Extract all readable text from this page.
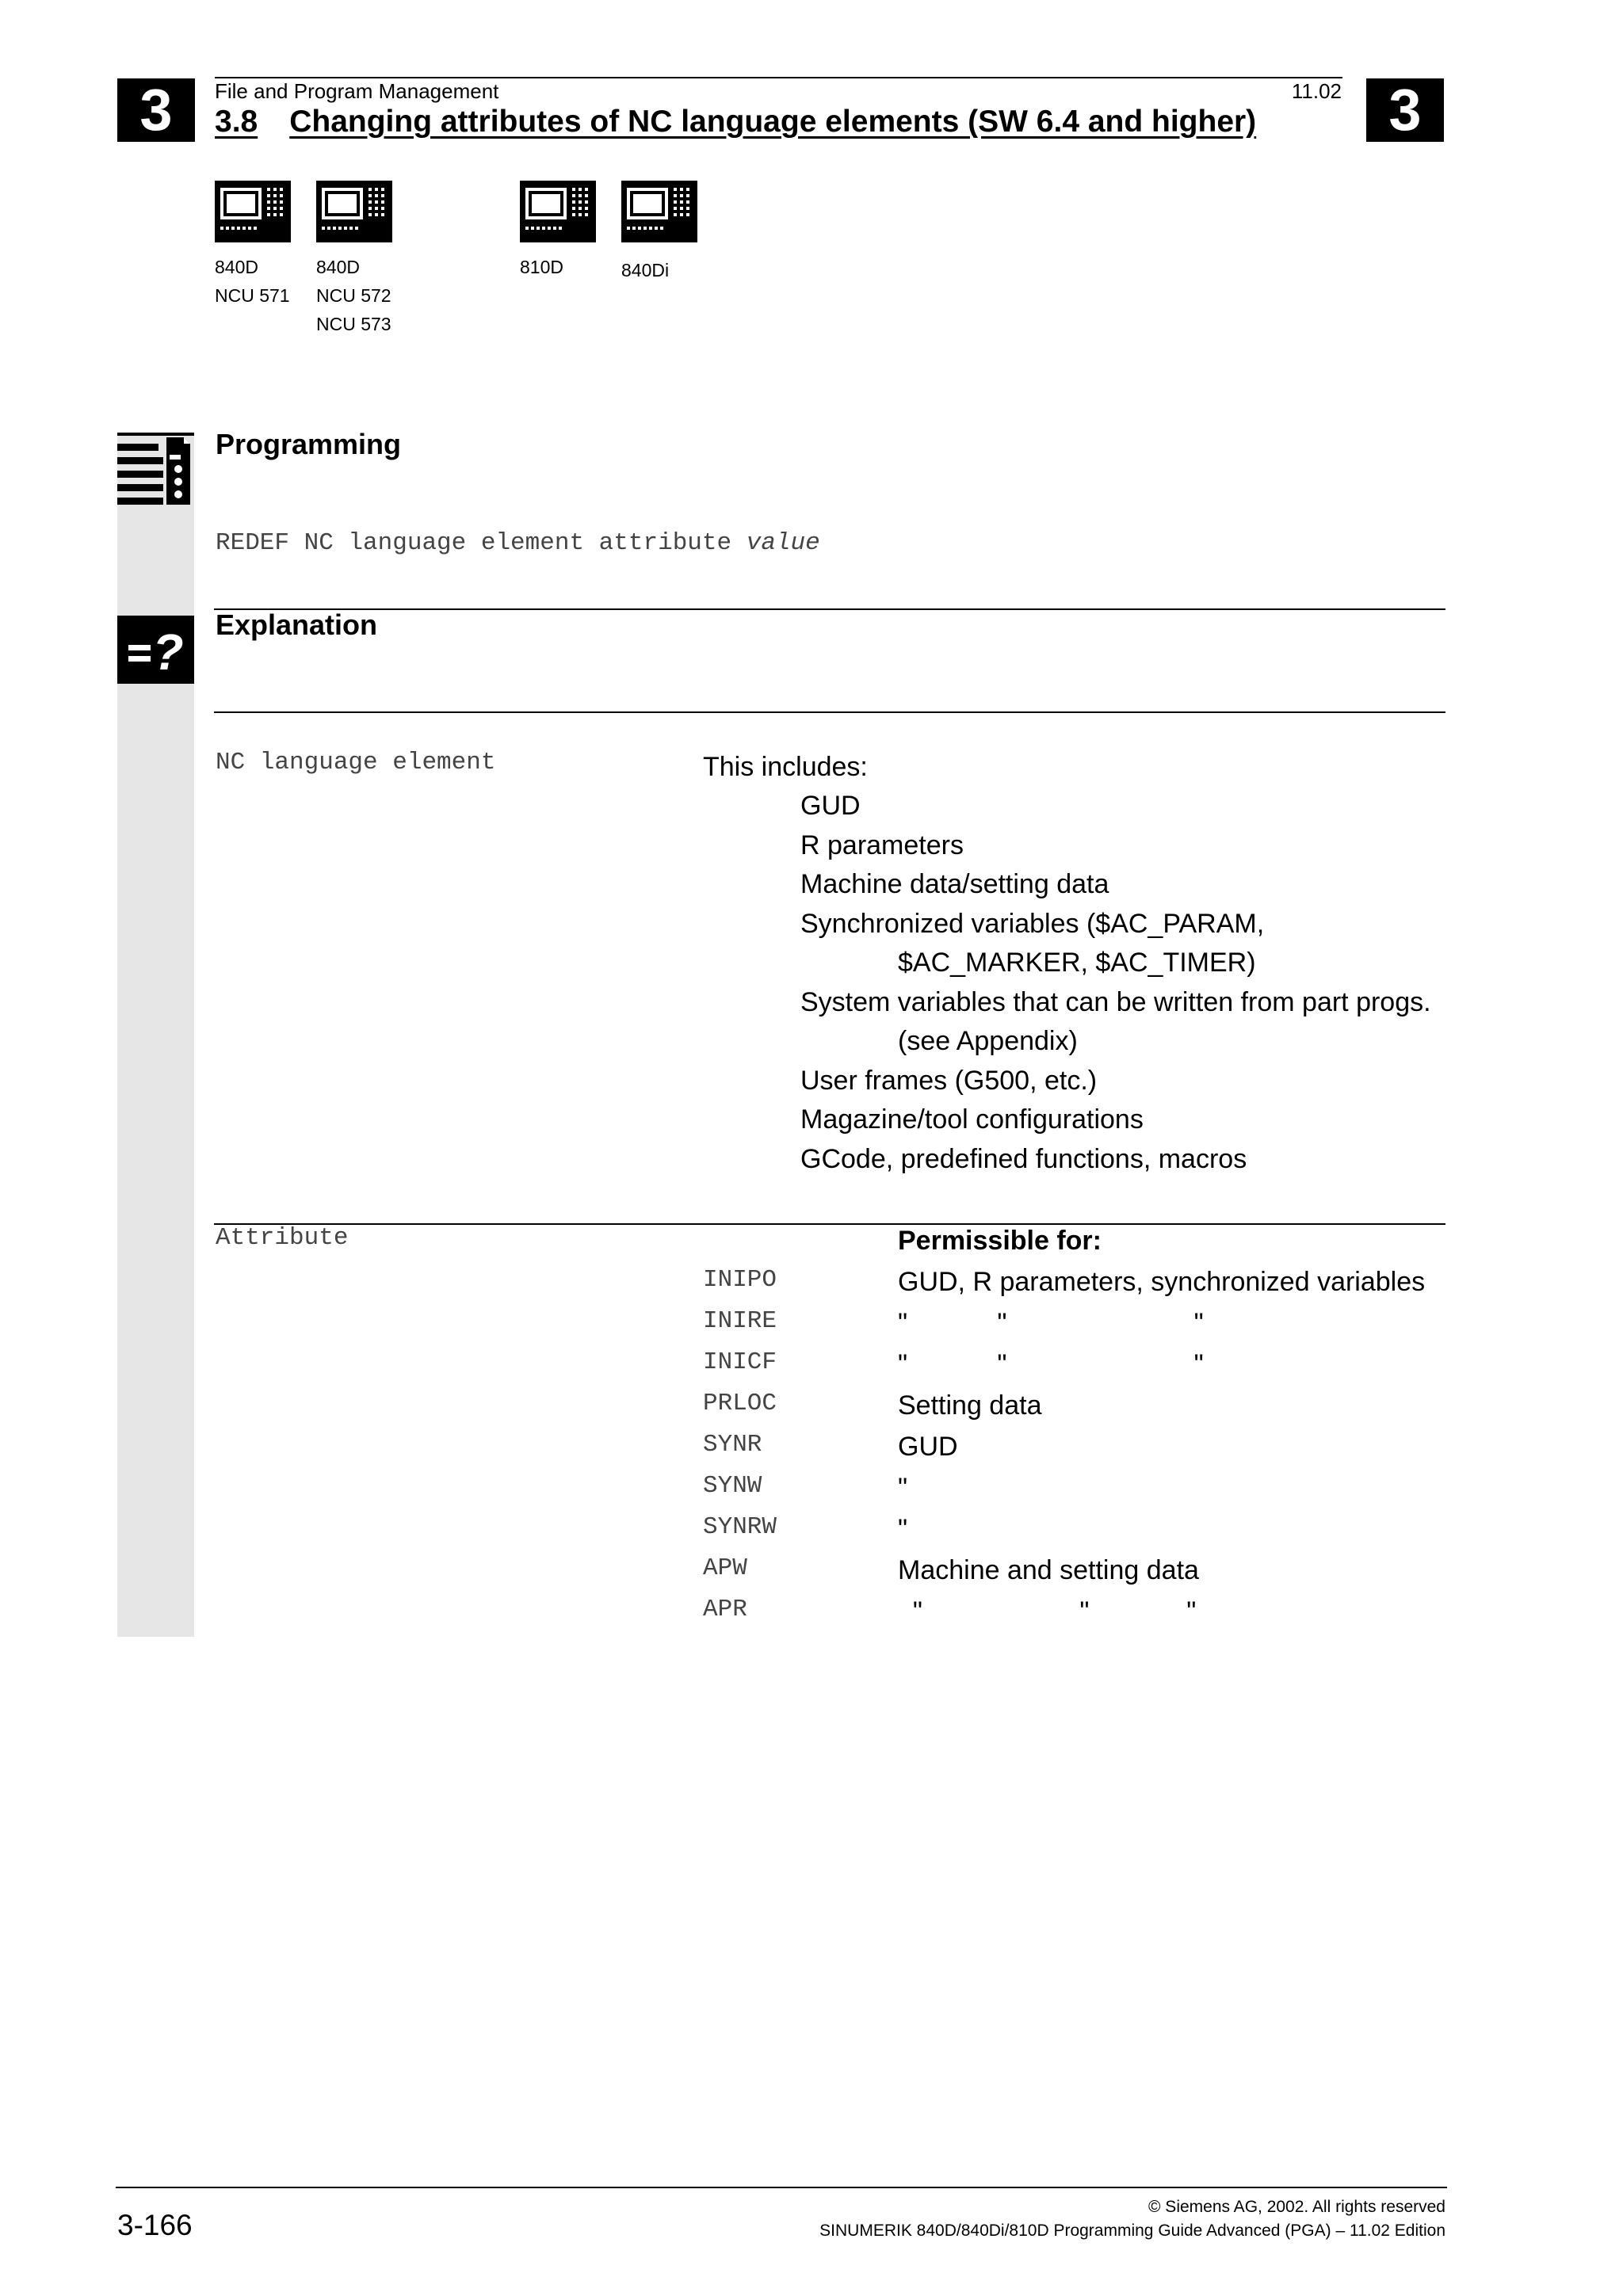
3	3
File and Program Management	11.02
3.8 Changing attributes of NC language elements (SW 6.4 and higher)
840D
NCU 571
840D
NCU 572
NCU 573
810D	840Di
Programming
REDEF NC language element attribute value
? Explanation
NC language element	This includes:
GUD
R parameters
Machine data/setting data
Synchronized variables ($AC_PARAM,
$AC_MARKER, $AC_TIMER)
System variables that can be written from part progs.
(see Appendix)
User frames (G500, etc.)
Magazine/tool configurations
GCode, predefined functions, macros
Attribute	Permissible for:
INIPO	GUD, R parameters, synchronized variables
INIRE	"            "                         "
INICF	"            "                         "
PRLOC	Setting data
SYNR	GUD
SYNW	"
SYNRW	"
APW	Machine and setting data
APR	"                     "             "
3-166
© Siemens AG, 2002. All rights reserved
SINUMERIK 840D/840Di/810D Programming Guide Advanced (PGA) – 11.02 Edition
